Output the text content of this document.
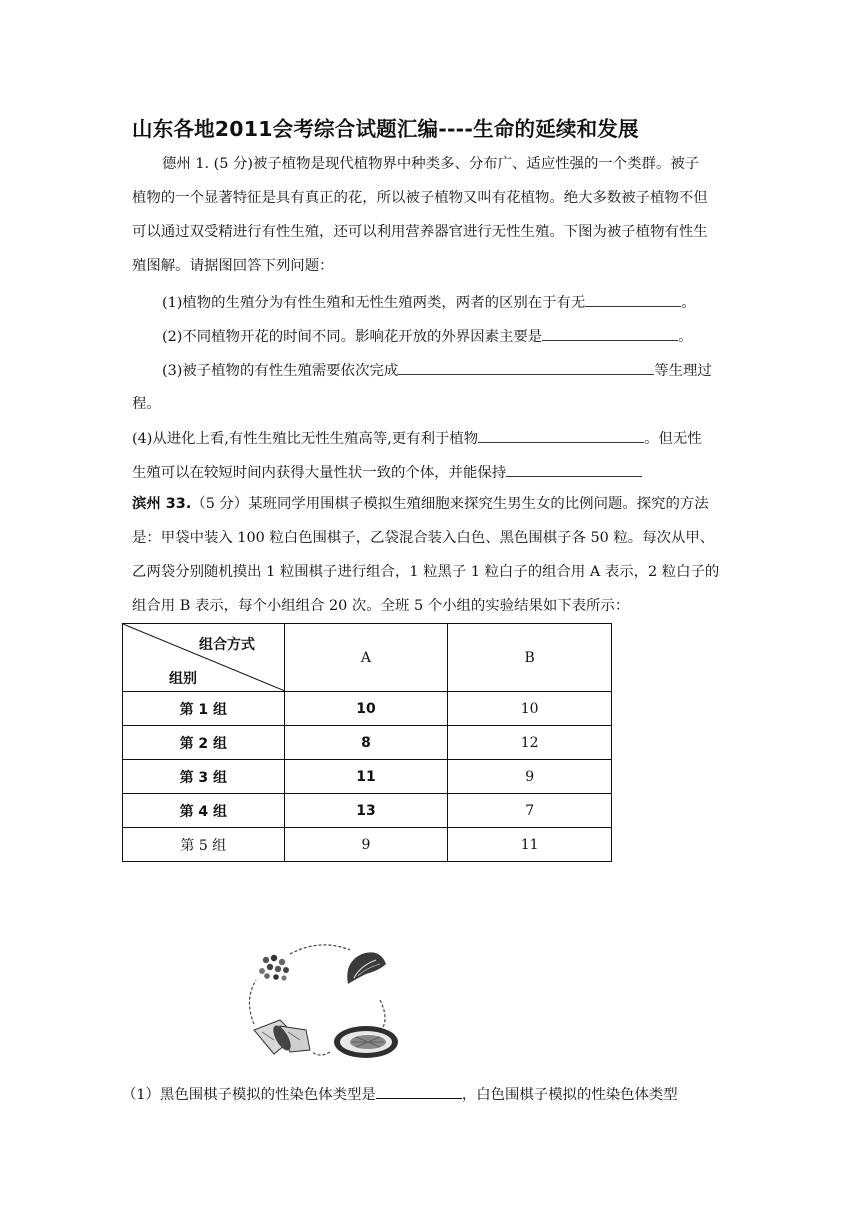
山东各地2011会考综合试题汇编----生命的延续和发展
德州 1. (5 分)被子植物是现代植物界中种类多、分布广、适应性强的一个类群。被子
植物的一个显著特征是具有真正的花，所以被子植物又叫有花植物。绝大多数被子植物不但
可以通过双受精进行有性生殖，还可以利用营养器官进行无性生殖。下图为被子植物有性生
殖图解。请据图回答下列问题：
(1)植物的生殖分为有性生殖和无性生殖两类，两者的区别在于有无	。
(2)不同植物开花的时间不同。影响花开放的外界因素主要是	。
(3)被子植物的有性生殖需要依次完成	等生理过
程。
(4)从进化上看,有性生殖比无性生殖高等,更有利于植物	。但无性
生殖可以在较短时间内获得大量性状一致的个体，并能保持
滨州 33.（5 分）某班同学用围棋子模拟生殖细胞来探究生男生女的比例问题。探究的方法
是：甲袋中装入 100 粒白色围棋子，乙袋混合装入白色、黑色围棋子各 50 粒。每次从甲、
乙两袋分别随机摸出 1 粒围棋子进行组合，1 粒黑子 1 粒白子的组合用 A 表示，2 粒白子的
组合用 B 表示，每个小组组合 20 次。全班 5 个小组的实验结果如下表所示：
组合方式
组别	A	B
第 1 组	10	10
第 2 组	8	12
第 3 组	11	9
第 4 组	13	7
第 5 组	9	11
（1）黑色围棋子模拟的性染色体类型是	，白色围棋子模拟的性染色体类型
